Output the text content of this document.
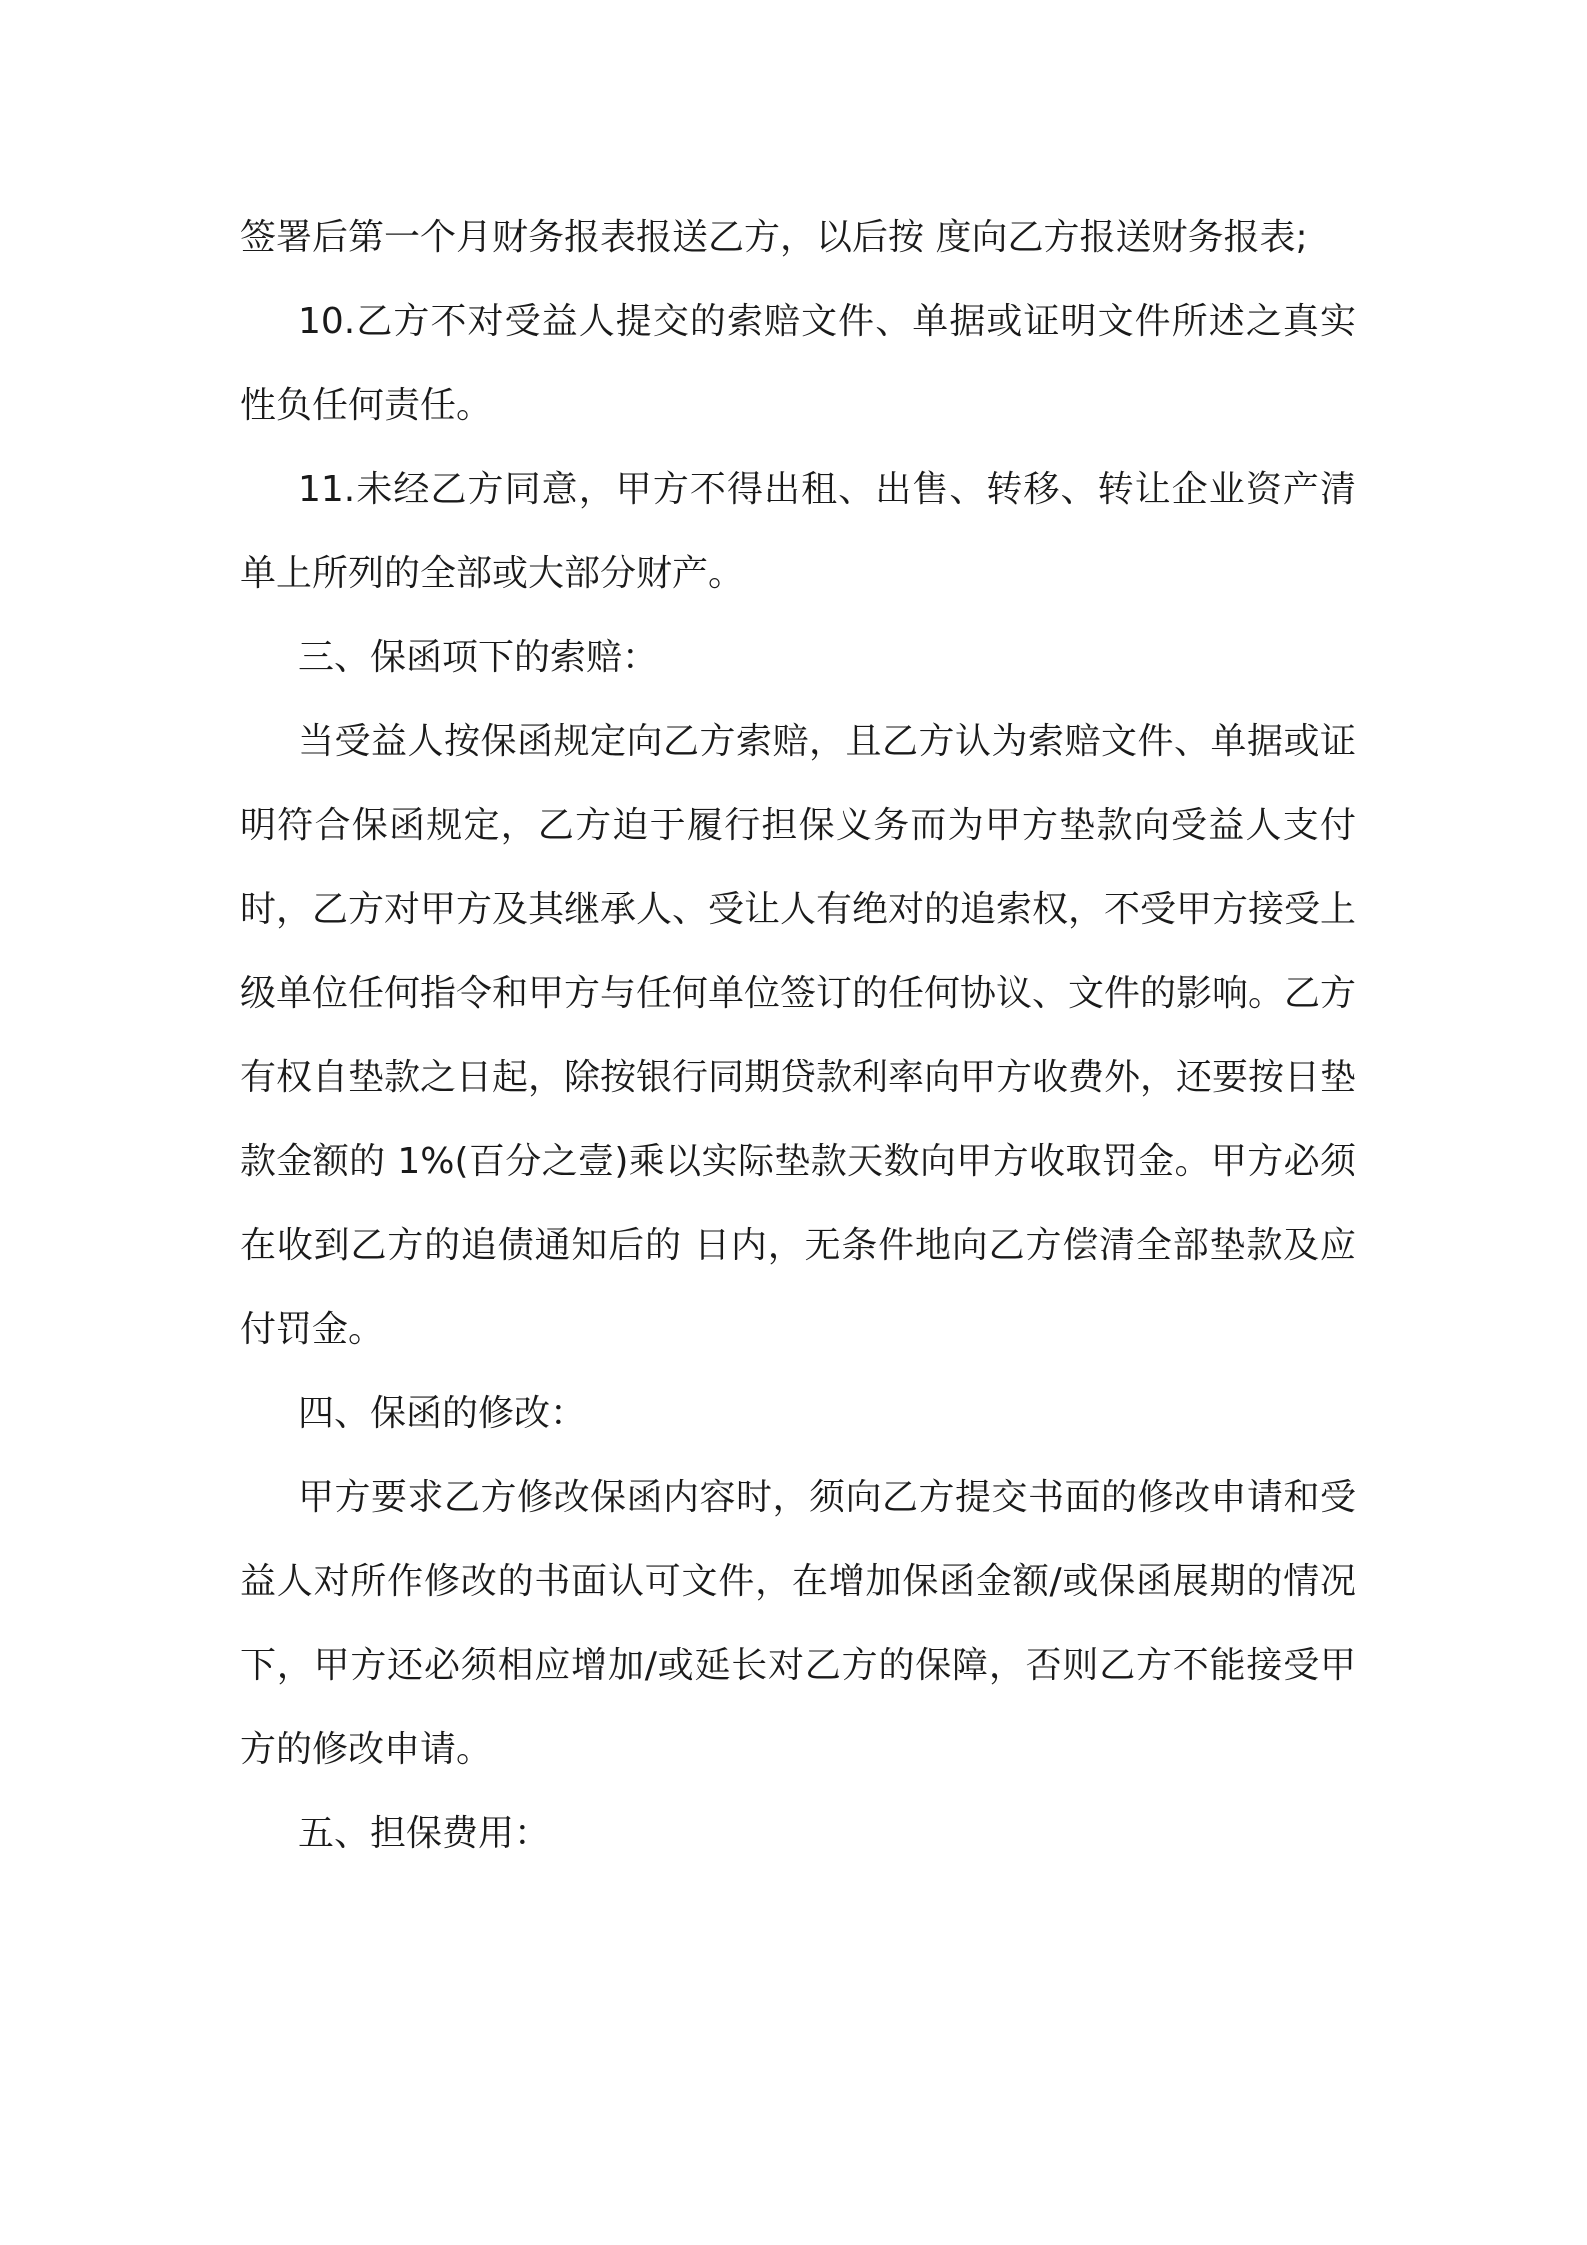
签署后第一个月财务报表报送乙方，以后按 度向乙方报送财务报表;

10.乙方不对受益人提交的索赔文件、单据或证明文件所述之真实性负任何责任。

11.未经乙方同意，甲方不得出租、出售、转移、转让企业资产清单上所列的全部或大部分财产。

三、保函项下的索赔：

当受益人按保函规定向乙方索赔，且乙方认为索赔文件、单据或证明符合保函规定，乙方迫于履行担保义务而为甲方垫款向受益人支付时，乙方对甲方及其继承人、受让人有绝对的追索权，不受甲方接受上级单位任何指令和甲方与任何单位签订的任何协议、文件的影响。乙方有权自垫款之日起，除按银行同期贷款利率向甲方收费外，还要按日垫款金额的 1%(百分之壹)乘以实际垫款天数向甲方收取罚金。甲方必须在收到乙方的追债通知后的 日内，无条件地向乙方偿清全部垫款及应付罚金。

四、保函的修改：

甲方要求乙方修改保函内容时，须向乙方提交书面的修改申请和受益人对所作修改的书面认可文件，在增加保函金额/或保函展期的情况下，甲方还必须相应增加/或延长对乙方的保障，否则乙方不能接受甲方的修改申请。

五、担保费用：
